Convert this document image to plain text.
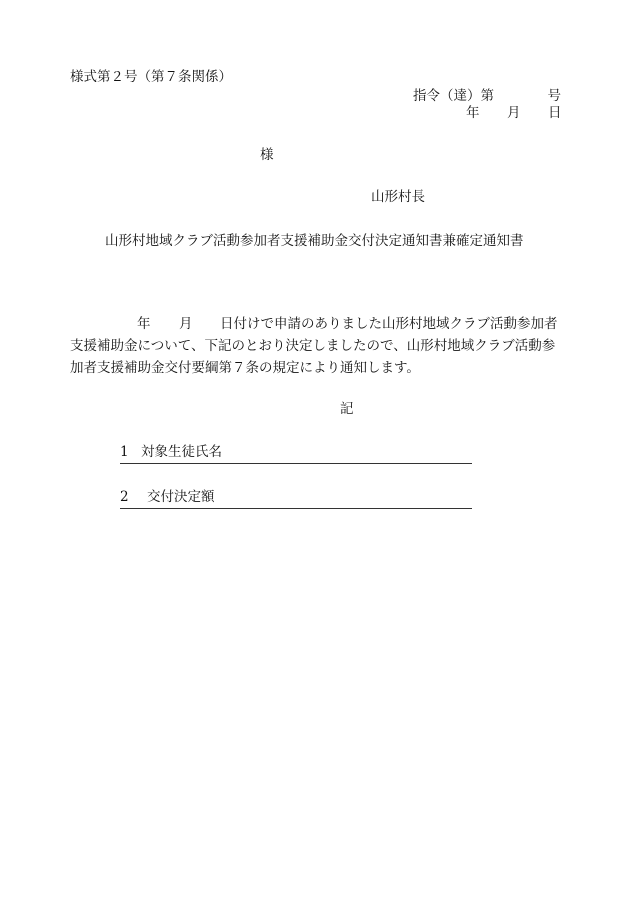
様式第２号（第７条関係）
指令（達）第	号
年 月 日
様
山形村長
山形村地域クラブ活動参加者支援補助金交付決定通知書兼確定通知書
年 月 日付けで申請のありました山形村地域クラブ活動参加者
支援補助金について、下記のとおり決定しましたので、山形村地域クラブ活動参
加者支援補助金交付要綱第７条の規定により通知します。
記
1 対象生徒氏名
2 交付決定額
